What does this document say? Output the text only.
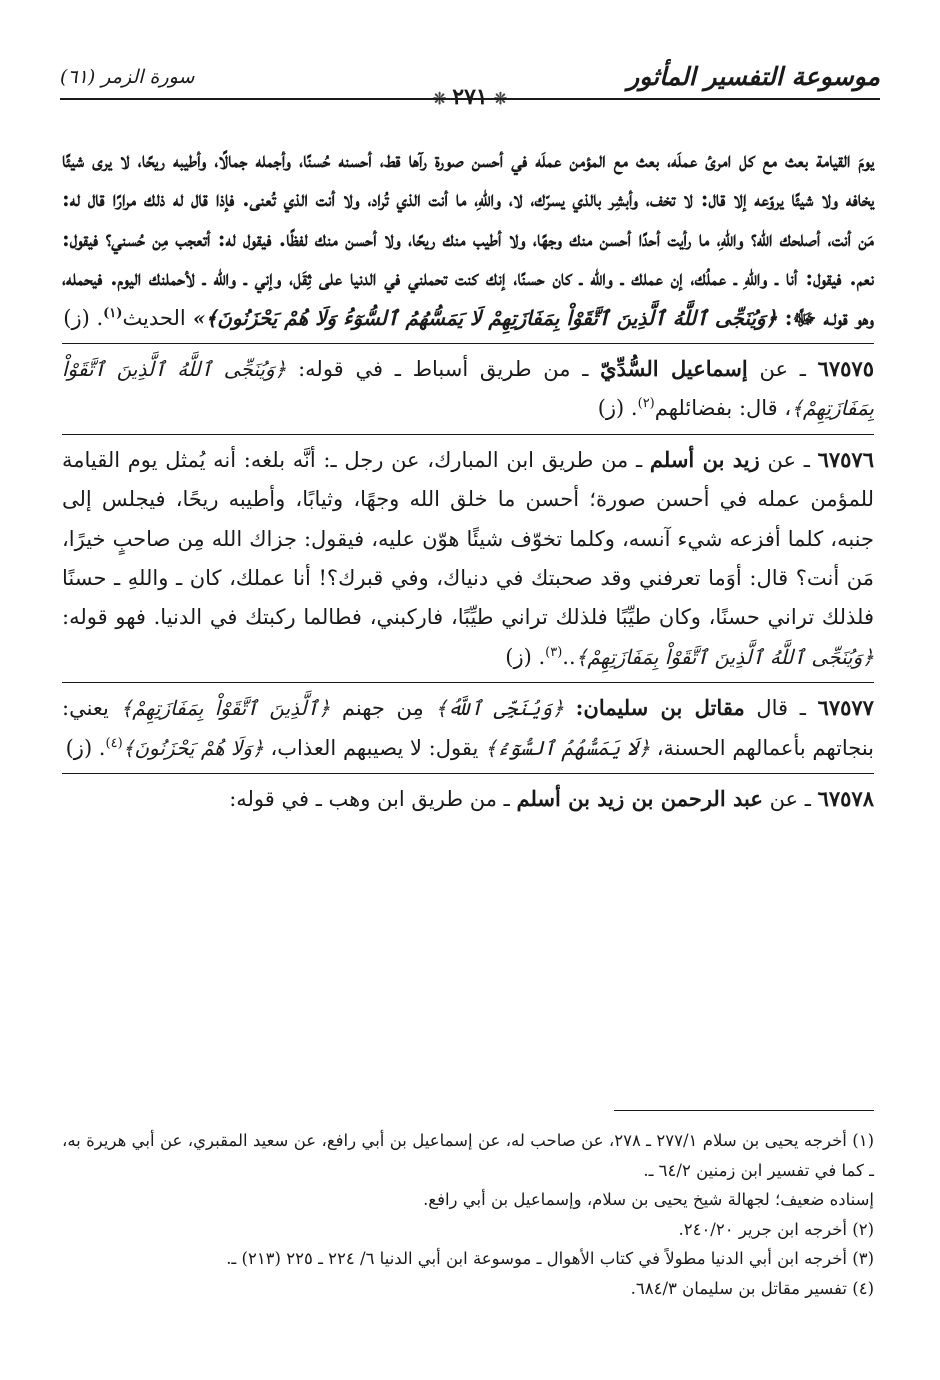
موسوعة التفسير المأثور
سورة الزمر (٦١)
❊٢٧١❊

يومَ القيامة بعث مع كل امرئ عملَه، بعث مع المؤمن عملَه في أحسن صورة رآها قط، أحسنه حُسنًا، وأجمله جمالًا، وأطيبه ريحًا، لا يرى شيئًا يخافه ولا شيئًا يروّعه إلا قال: لا تخف، وأبشِر بالذي يسرّك، لا، واللهِ، ما أنت الذي تُراد، ولا أنت الذي تُعنى. فإذا قال له ذلك مرارًا قال له: مَن أنت، أصلحك الله؟ واللهِ، ما رأيت أحدًا أحسن منك وجهًا، ولا أطيب منك ريحًا، ولا أحسن منك لفظًا. فيقول له: أتعجب مِن حُسني؟ فيقول: نعم. فيقول: أنا ـ واللهِ ـ عملُك، إن عملك ـ والله ـ كان حسنًا، إنك كنت تحملني في الدنيا على ثِقَل، وإني ـ والله ـ لأحملنك اليوم. فيحمله، وهو قولـه ﷻ: ﴿وَيُنَجِّى ٱللَّهُ ٱلَّذِينَ ٱتَّقَوْاْ بِمَفَازَتِهِمْ لَا يَمَسُّهُمُ ٱلسُّوٓءُ وَلَا هُمْ يَحْزَنُونَ﴾» الحديث$^{(١)}$. (ز)

٦٧٥٧٥ ـ عن إسماعيل السُّدِّيّ ـ من طريق أسباط ـ في قوله: ﴿وَيُنَجِّى ٱللَّهُ ٱلَّذِينَ ٱتَّقَوْاْ بِمَفَازَتِهِمْ﴾، قال: بفضائلهم$^{(٢)}$. (ز)

٦٧٥٧٦ ـ عن زيد بن أسلم ـ من طريق ابن المبارك، عن رجل ـ: أنَّه بلغه: أنه يُمثل يوم القيامة للمؤمن عمله في أحسن صورة؛ أحسن ما خلق الله وجهًا، وثيابًا، وأطيبه ريحًا، فيجلس إلى جنبه، كلما أفزعه شيء آنسه، وكلما تخوّف شيئًا هوّن عليه، فيقول: جزاك الله مِن صاحبٍ خيرًا، مَن أنت؟ قال: أوَما تعرفني وقد صحبتك في دنياك، وفي قبرك؟! أنا عملك، كان ـ واللهِ ـ حسنًا فلذلك تراني حسنًا، وكان طيِّبًا فلذلك تراني طيِّبًا، فاركبني، فطالما ركبتك في الدنيا. فهو قوله: ﴿وَيُنَجِّى ٱللَّهُ ٱلَّذِينَ ٱتَّقَوْاْ بِمَفَازَتِهِمْ﴾..$^{(٣)}$. (ز)

٦٧٥٧٧ ـ قال مقاتل بن سليمان: ﴿وَيُنَجِّى ٱللَّهُ﴾ مِن جهنم ﴿ٱلَّذِينَ ٱتَّقَوْاْ بِمَفَازَتِهِمْ﴾ يعني: بنجاتهم بأعمالهم الحسنة، ﴿لَا يَمَسُّهُمُ ٱلسُّوٓءُ﴾ يقول: لا يصيبهم العذاب، ﴿وَلَا هُمْ يَحْزَنُونَ﴾$^{(٤)}$. (ز)

٦٧٥٧٨ ـ عن عبد الرحمن بن زيد بن أسلم ـ من طريق ابن وهب ـ في قوله:

(١) أخرجه يحيى بن سلام ٢٧٧/١ ـ ٢٧٨، عن صاحب له، عن إسماعيل بن أبي رافع، عن سعيد المقبري، عن أبي هريرة به، ـ كما في تفسير ابن زمنين ٦٤/٢ ـ.

إسناده ضعيف؛ لجهالة شيخ يحيى بن سلام، وإسماعيل بن أبي رافع.

(٢) أخرجه ابن جرير ٢٤٠/٢٠.

(٣) أخرجه ابن أبي الدنيا مطولاً في كتاب الأهوال ـ موسوعة ابن أبي الدنيا ٦/ ٢٢٤ ـ ٢٢٥ (٢١٣) ـ.

(٤) تفسير مقاتل بن سليمان ٦٨٤/٣.
